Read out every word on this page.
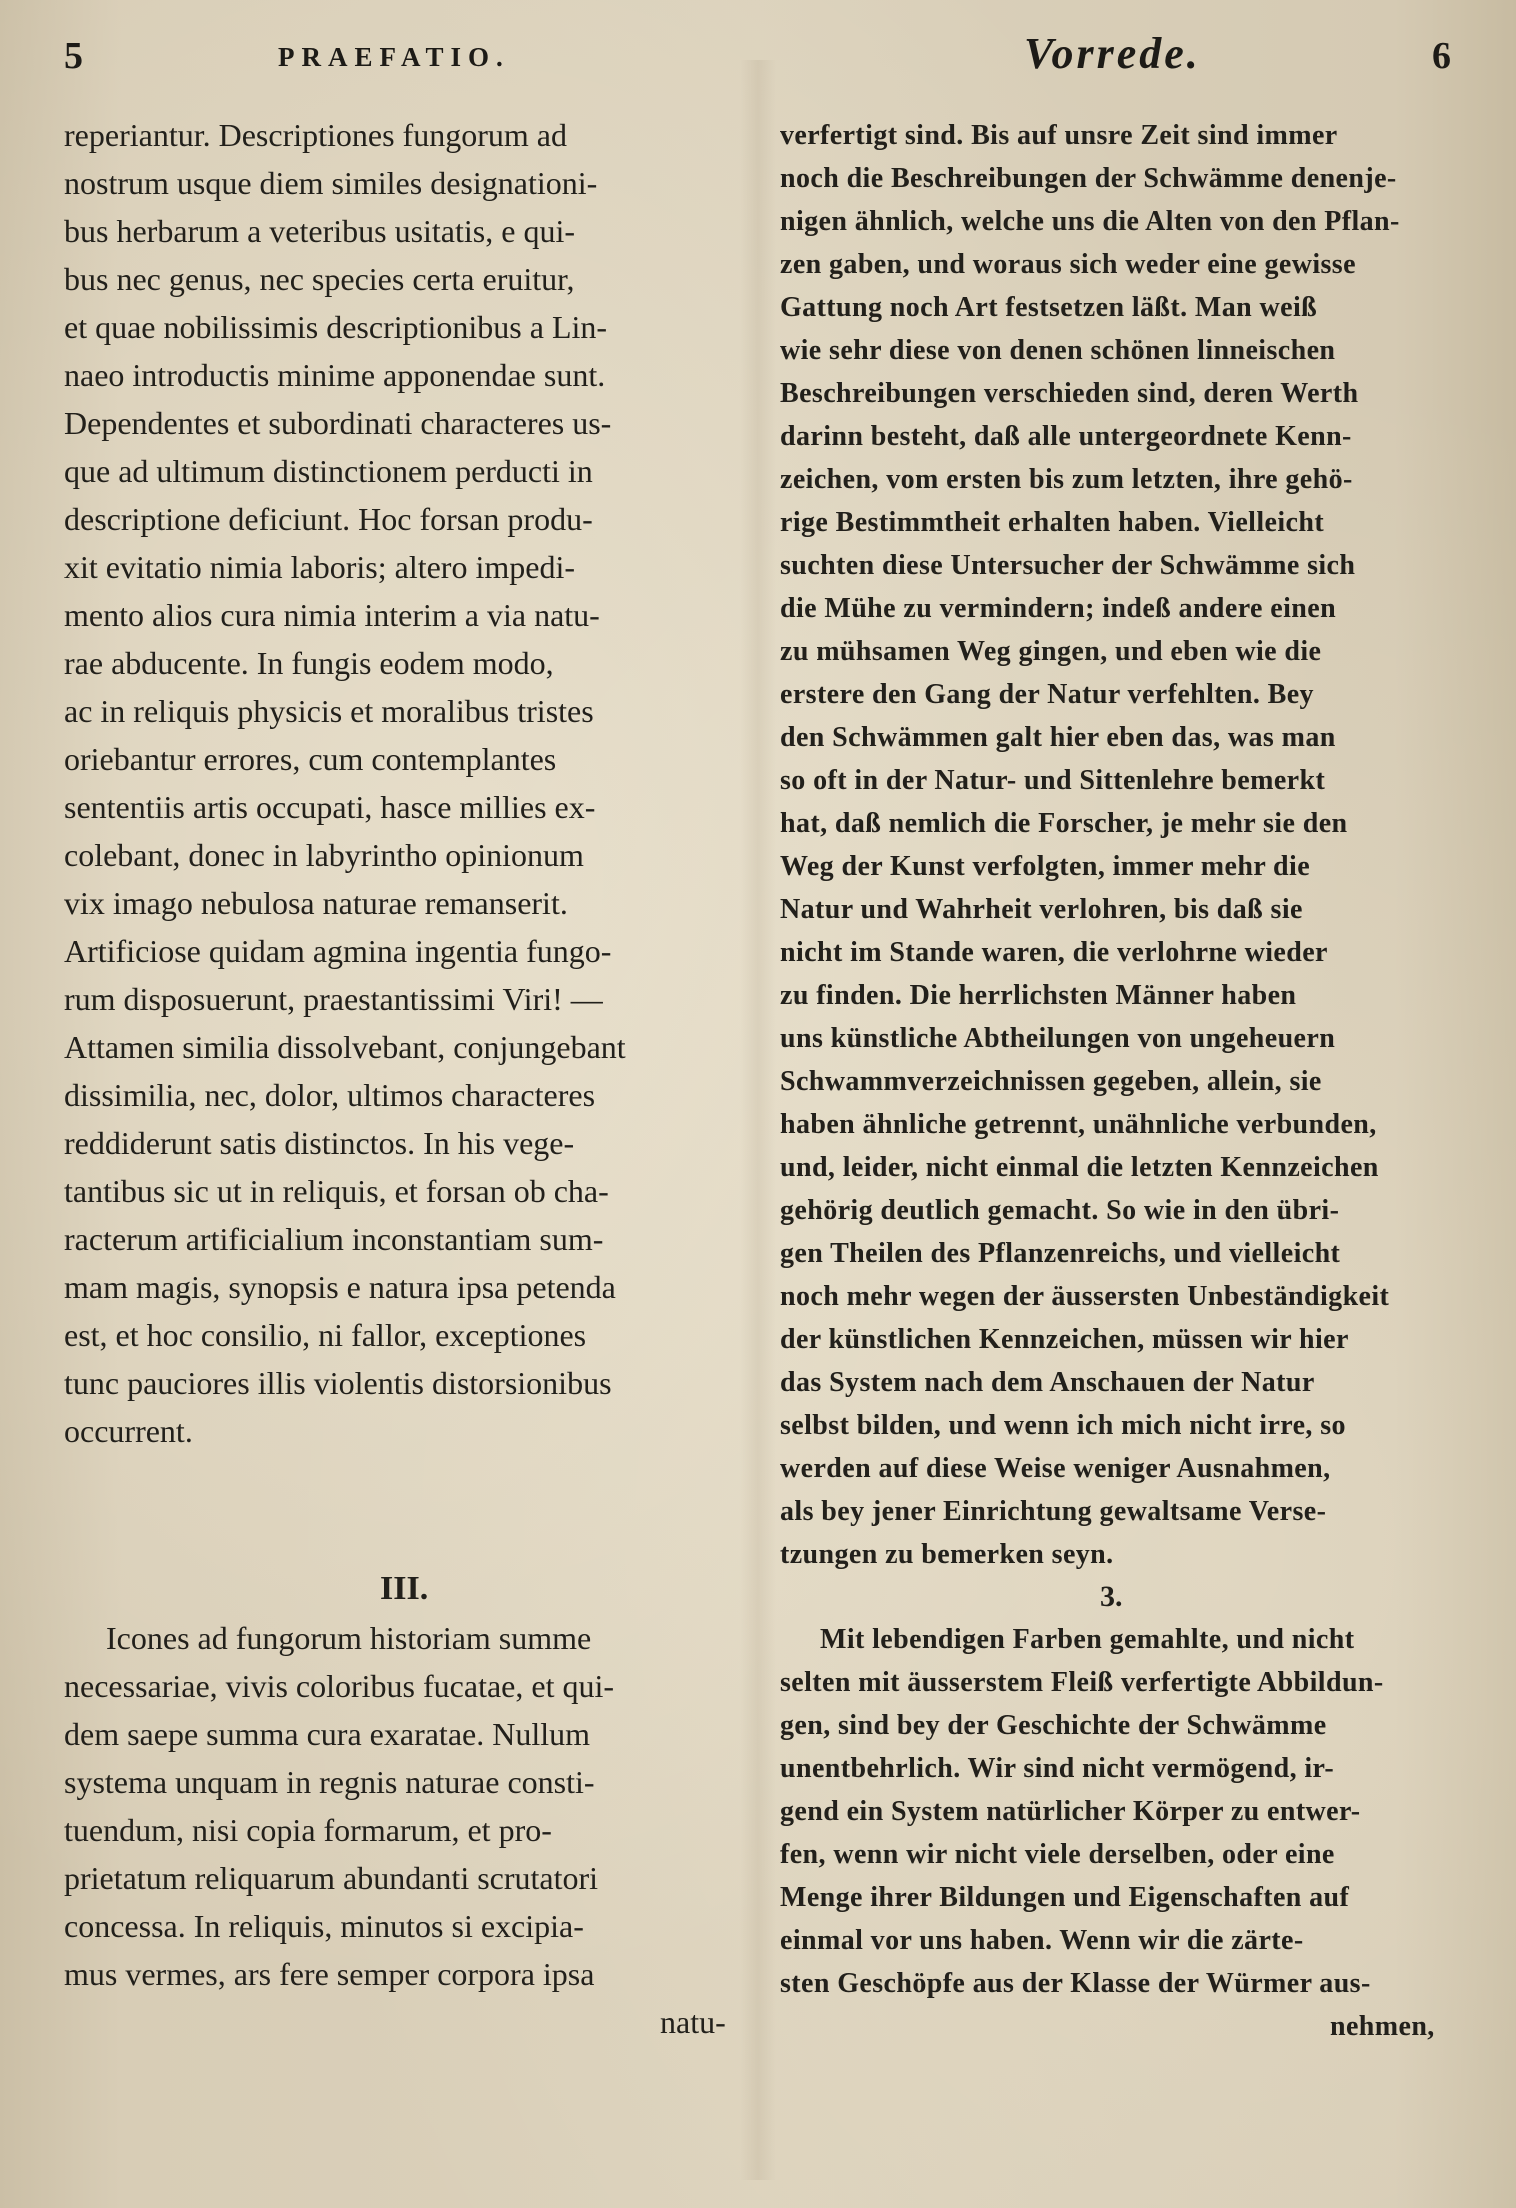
5	PRAEFATIO.	Vorrede.	6
reperiantur. Descriptiones fungorum ad
nostrum usque diem similes designationi-
bus herbarum a veteribus usitatis, e qui-
bus nec genus, nec species certa eruitur,
et quae nobilissimis descriptionibus a Lin-
naeo introductis minime apponendae sunt.
Dependentes et subordinati characteres us-
que ad ultimum distinctionem perducti in
descriptione deficiunt. Hoc forsan produ-
xit evitatio nimia laboris; altero impedi-
mento alios cura nimia interim a via natu-
rae abducente. In fungis eodem modo,
ac in reliquis physicis et moralibus tristes
oriebantur errores, cum contemplantes
sententiis artis occupati, hasce millies ex-
colebant, donec in labyrintho opinionum
vix imago nebulosa naturae remanserit.
Artificiose quidam agmina ingentia fungo-
rum disposuerunt, praestantissimi Viri! —
Attamen similia dissolvebant, conjungebant
dissimilia, nec, dolor, ultimos characteres
reddiderunt satis distinctos. In his vege-
tantibus sic ut in reliquis, et forsan ob cha-
racterum artificialium inconstantiam sum-
mam magis, synopsis e natura ipsa petenda
est, et hoc consilio, ni fallor, exceptiones
tunc pauciores illis violentis distorsionibus
occurrent.
III.
Icones ad fungorum historiam summe
necessariae, vivis coloribus fucatae, et qui-
dem saepe summa cura exaratae. Nullum
systema unquam in regnis naturae consti-
tuendum, nisi copia formarum, et pro-
prietatum reliquarum abundanti scrutatori
concessa. In reliquis, minutos si excipia-
mus vermes, ars fere semper corpora ipsa
natu-
verfertigt sind. Bis auf unsre Zeit sind immer
noch die Beschreibungen der Schwämme denenje-
nigen ähnlich, welche uns die Alten von den Pflan-
zen gaben, und woraus sich weder eine gewisse
Gattung noch Art festsetzen läßt. Man weiß
wie sehr diese von denen schönen linneischen
Beschreibungen verschieden sind, deren Werth
darinn besteht, daß alle untergeordnete Kenn-
zeichen, vom ersten bis zum letzten, ihre gehö-
rige Bestimmtheit erhalten haben. Vielleicht
suchten diese Untersucher der Schwämme sich
die Mühe zu vermindern; indeß andere einen
zu mühsamen Weg gingen, und eben wie die
erstere den Gang der Natur verfehlten. Bey
den Schwämmen galt hier eben das, was man
so oft in der Natur- und Sittenlehre bemerkt
hat, daß nemlich die Forscher, je mehr sie den
Weg der Kunst verfolgten, immer mehr die
Natur und Wahrheit verlohren, bis daß sie
nicht im Stande waren, die verlohrne wieder
zu finden. Die herrlichsten Männer haben
uns künstliche Abtheilungen von ungeheuern
Schwammverzeichnissen gegeben, allein, sie
haben ähnliche getrennt, unähnliche verbunden,
und, leider, nicht einmal die letzten Kennzeichen
gehörig deutlich gemacht. So wie in den übri-
gen Theilen des Pflanzenreichs, und vielleicht
noch mehr wegen der äussersten Unbeständigkeit
der künstlichen Kennzeichen, müssen wir hier
das System nach dem Anschauen der Natur
selbst bilden, und wenn ich mich nicht irre, so
werden auf diese Weise weniger Ausnahmen,
als bey jener Einrichtung gewaltsame Verse-
tzungen zu bemerken seyn.
3.
Mit lebendigen Farben gemahlte, und nicht
selten mit äusserstem Fleiß verfertigte Abbildun-
gen, sind bey der Geschichte der Schwämme
unentbehrlich. Wir sind nicht vermögend, ir-
gend ein System natürlicher Körper zu entwer-
fen, wenn wir nicht viele derselben, oder eine
Menge ihrer Bildungen und Eigenschaften auf
einmal vor uns haben. Wenn wir die zärte-
sten Geschöpfe aus der Klasse der Würmer aus-
nehmen,
